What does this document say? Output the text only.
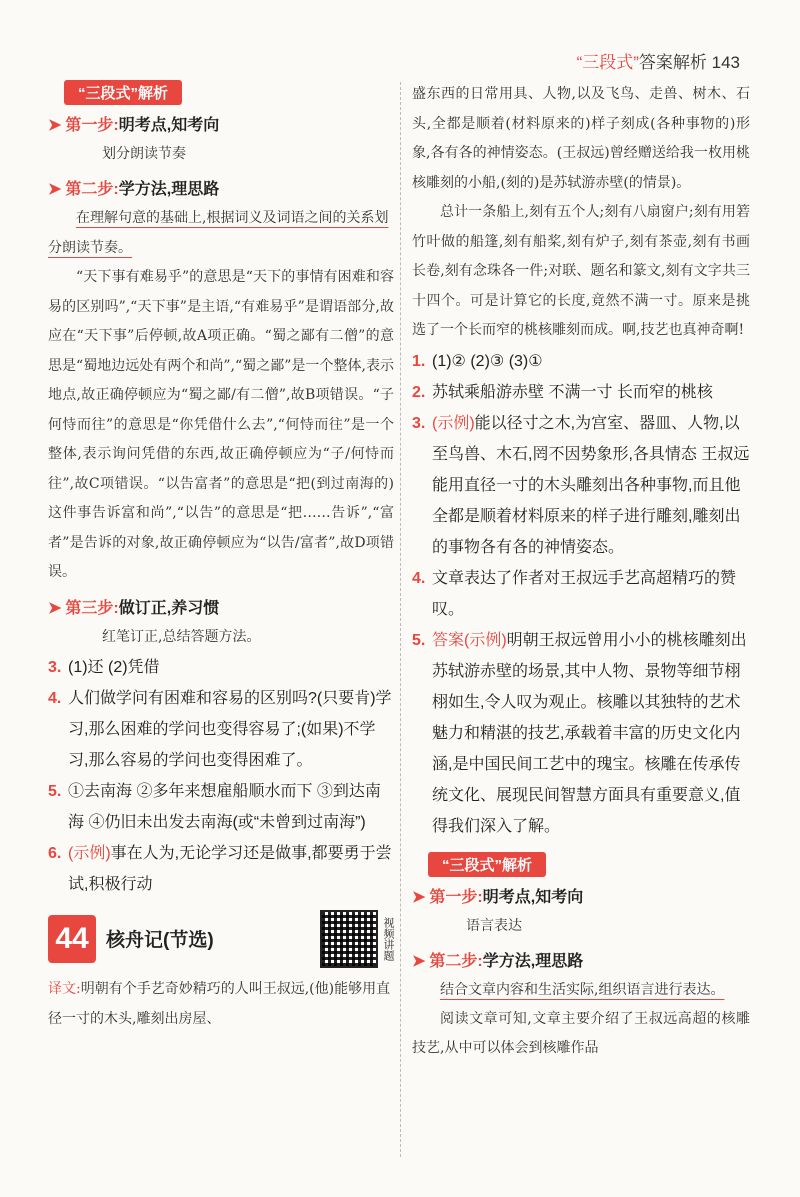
“三段式”答案解析 143
“三段式”解析
➤ 第一步:明考点,知考向
划分朗读节奏
➤ 第二步:学方法,理思路
在理解句意的基础上,根据词义及词语之间的关系划分朗读节奏。
“天下事有难易乎”的意思是“天下的事情有困难和容易的区别吗”,“天下事”是主语,“有难易乎”是谓语部分,故应在“天下事”后停顿,故A项正确。“蜀之鄙有二僧”的意思是“蜀地边远处有两个和尚”,“蜀之鄙”是一个整体,表示地点,故正确停顿应为“蜀之鄙/有二僧”,故B项错误。“子何恃而往”的意思是“你凭借什么去”,“何恃而往”是一个整体,表示询问凭借的东西,故正确停顿应为“子/何恃而往”,故C项错误。“以告富者”的意思是“把(到过南海的)这件事告诉富和尚”,“以告”的意思是“把……告诉”,“富者”是告诉的对象,故正确停顿应为“以告/富者”,故D项错误。
➤ 第三步:做订正,养习惯
红笔订正,总结答题方法。
3. (1)还 (2)凭借
4. 人们做学问有困难和容易的区别吗?(只要肯)学习,那么困难的学问也变得容易了;(如果)不学习,那么容易的学问也变得困难了。
5. ①去南海 ②多年来想雇船顺水而下 ③到达南海 ④仍旧未出发去南海(或“未曾到过南海”)
6. (示例)事在人为,无论学习还是做事,都要勇于尝试,积极行动
44 核舟记(节选)	视频讲题
译文:明朝有个手艺奇妙精巧的人叫王叔远,(他)能够用直径一寸的木头,雕刻出房屋、
盛东西的日常用具、人物,以及飞鸟、走兽、树木、石头,全都是顺着(材料原来的)样子刻成(各种事物的)形象,各有各的神情姿态。(王叔远)曾经赠送给我一枚用桃核雕刻的小船,(刻的)是苏轼游赤壁(的情景)。
总计一条船上,刻有五个人;刻有八扇窗户;刻有用箬竹叶做的船篷,刻有船桨,刻有炉子,刻有茶壶,刻有书画长卷,刻有念珠各一件;对联、题名和篆文,刻有文字共三十四个。可是计算它的长度,竟然不满一寸。原来是挑选了一个长而窄的桃核雕刻而成。啊,技艺也真神奇啊!
1. (1)② (2)③ (3)①
2. 苏轼乘船游赤壁 不满一寸 长而窄的桃核
3. (示例)能以径寸之木,为宫室、器皿、人物,以至鸟兽、木石,罔不因势象形,各具情态 王叔远能用直径一寸的木头雕刻出各种事物,而且他全都是顺着材料原来的样子进行雕刻,雕刻出的事物各有各的神情姿态。
4. 文章表达了作者对王叔远手艺高超精巧的赞叹。
5. 答案(示例)明朝王叔远曾用小小的桃核雕刻出苏轼游赤壁的场景,其中人物、景物等细节栩栩如生,令人叹为观止。核雕以其独特的艺术魅力和精湛的技艺,承载着丰富的历史文化内涵,是中国民间工艺中的瑰宝。核雕在传承传统文化、展现民间智慧方面具有重要意义,值得我们深入了解。
“三段式”解析
➤ 第一步:明考点,知考向
语言表达
➤ 第二步:学方法,理思路
结合文章内容和生活实际,组织语言进行表达。
阅读文章可知,文章主要介绍了王叔远高超的核雕技艺,从中可以体会到核雕作品
